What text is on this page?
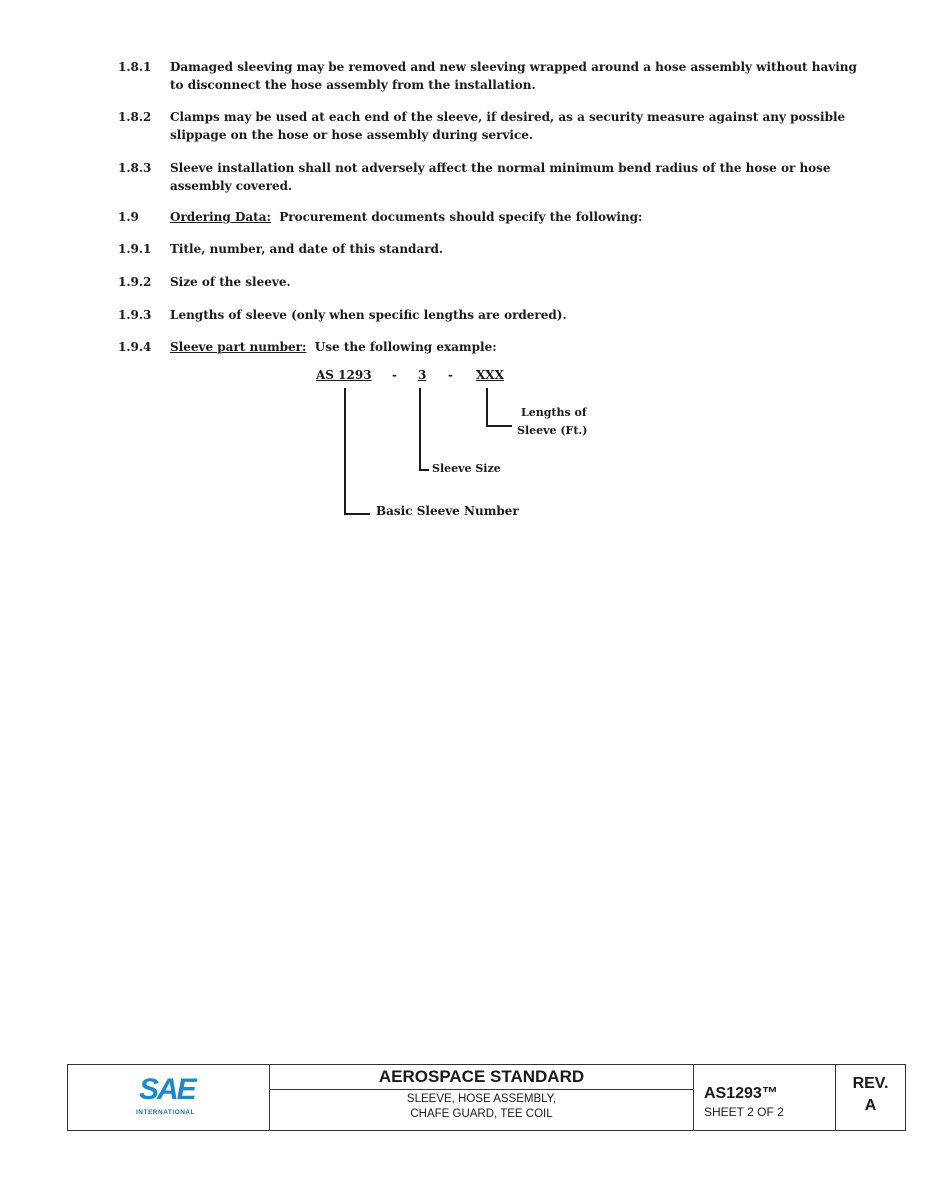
1.8.1 Damaged sleeving may be removed and new sleeving wrapped around a hose assembly without having to disconnect the hose assembly from the installation.
1.8.2 Clamps may be used at each end of the sleeve, if desired, as a security measure against any possible slippage on the hose or hose assembly during service.
1.8.3 Sleeve installation shall not adversely affect the normal minimum bend radius of the hose or hose assembly covered.
1.9	Ordering Data: Procurement documents should specify the following:
1.9.1 Title, number, and date of this standard.
1.9.2 Size of the sleeve.
1.9.3 Lengths of sleeve (only when specific lengths are ordered).
1.9.4 Sleeve part number: Use the following example:
AS 1293 - 3 - XXX
Lengths of
Sleeve (Ft.)
Sleeve Size
Basic Sleeve Number
SAE
INTERNATIONAL
AEROSPACE STANDARD
SLEEVE, HOSE ASSEMBLY,
CHAFE GUARD, TEE COIL
AS1293™
SHEET 2 OF 2
REV.
A
